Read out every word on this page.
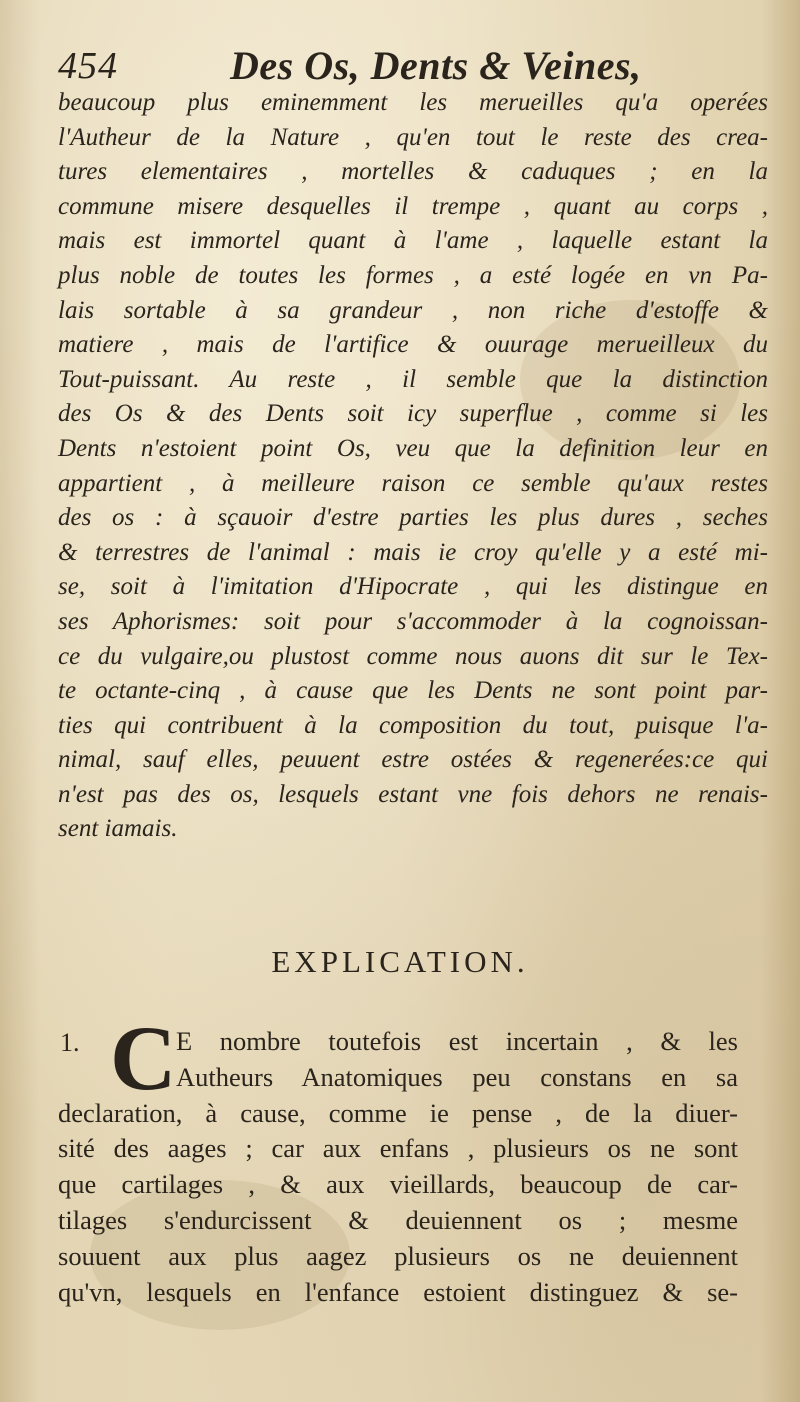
454	Des Os, Dents & Veines,
beaucoup plus eminemment les merueilles qu'a operées
l'Autheur de la Nature , qu'en tout le reste des crea-
tures elementaires , mortelles & caduques ; en la
commune misere desquelles il trempe , quant au corps ,
mais est immortel quant à l'ame , laquelle estant la
plus noble de toutes les formes , a esté logée en vn Pa-
lais sortable à sa grandeur , non riche d'estoffe &
matiere , mais de l'artifice & ouurage merueilleux du
Tout-puissant. Au reste , il semble que la distinction
des Os & des Dents soit icy superflue , comme si les
Dents n'estoient point Os, veu que la definition leur en
appartient , à meilleure raison ce semble qu'aux restes
des os : à sçauoir d'estre parties les plus dures , seches
& terrestres de l'animal : mais ie croy qu'elle y a esté mi-
se, soit à l'imitation d'Hipocrate , qui les distingue en
ses Aphorismes: soit pour s'accommoder à la cognoissan-
ce du vulgaire,ou plustost comme nous auons dit sur le Tex-
te octante-cinq , à cause que les Dents ne sont point par-
ties qui contribuent à la composition du tout, puisque l'a-
nimal, sauf elles, peuuent estre ostées & regenerées:ce qui
n'est pas des os, lesquels estant vne fois dehors ne renais-
sent iamais.
EXPLICATION.
1. C E nombre toutefois est incertain , & les
Autheurs Anatomiques peu constans en sa
declaration, à cause, comme ie pense , de la diuer-
sité des aages ; car aux enfans , plusieurs os ne sont
que cartilages , & aux vieillards, beaucoup de car-
tilages s'endurcissent & deuiennent os ; mesme
souuent aux plus aagez plusieurs os ne deuiennent
qu'vn, lesquels en l'enfance estoient distinguez & se-
